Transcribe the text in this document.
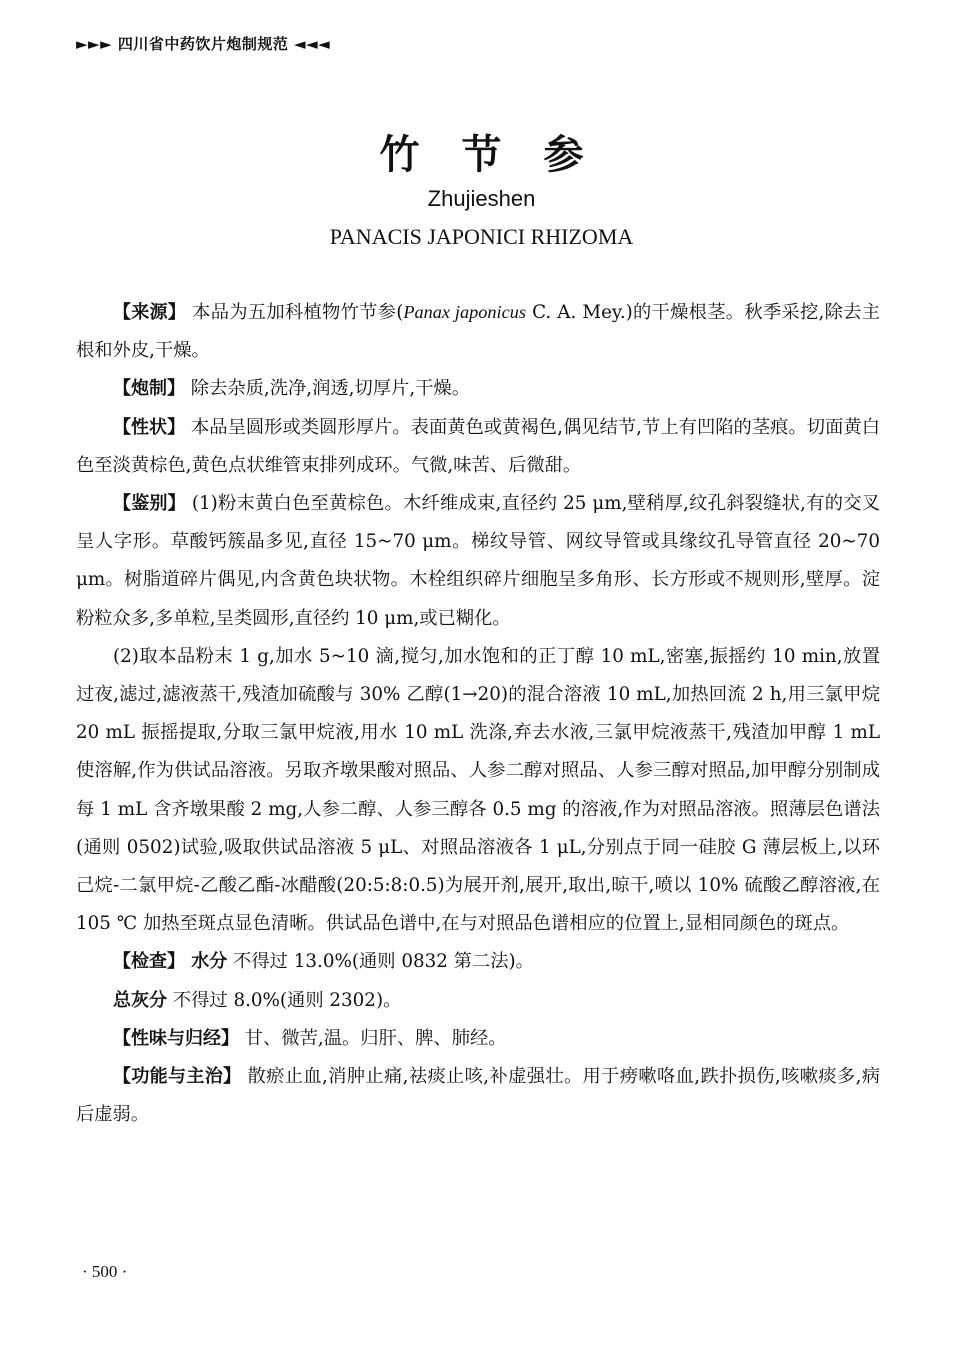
►►► 四川省中药饮片炮制规范 ◄◄◄
竹节参
Zhujieshen
PANACIS JAPONICI RHIZOMA

【来源】 本品为五加科植物竹节参(Panax japonicus C. A. Mey.)的干燥根茎。秋季采挖,除去主根和外皮,干燥。

【炮制】 除去杂质,洗净,润透,切厚片,干燥。

【性状】 本品呈圆形或类圆形厚片。表面黄色或黄褐色,偶见结节,节上有凹陷的茎痕。切面黄白色至淡黄棕色,黄色点状维管束排列成环。气微,味苦、后微甜。

【鉴别】 (1)粉末黄白色至黄棕色。木纤维成束,直径约 25 μm,壁稍厚,纹孔斜裂缝状,有的交叉呈人字形。草酸钙簇晶多见,直径 15~70 μm。梯纹导管、网纹导管或具缘纹孔导管直径 20~70 μm。树脂道碎片偶见,内含黄色块状物。木栓组织碎片细胞呈多角形、长方形或不规则形,壁厚。淀粉粒众多,多单粒,呈类圆形,直径约 10 μm,或已糊化。

(2)取本品粉末 1 g,加水 5~10 滴,搅匀,加水饱和的正丁醇 10 mL,密塞,振摇约 10 min,放置过夜,滤过,滤液蒸干,残渣加硫酸与 30% 乙醇(1→20)的混合溶液 10 mL,加热回流 2 h,用三氯甲烷 20 mL 振摇提取,分取三氯甲烷液,用水 10 mL 洗涤,弃去水液,三氯甲烷液蒸干,残渣加甲醇 1 mL 使溶解,作为供试品溶液。另取齐墩果酸对照品、人参二醇对照品、人参三醇对照品,加甲醇分别制成每 1 mL 含齐墩果酸 2 mg,人参二醇、人参三醇各 0.5 mg 的溶液,作为对照品溶液。照薄层色谱法(通则 0502)试验,吸取供试品溶液 5 μL、对照品溶液各 1 μL,分别点于同一硅胶 G 薄层板上,以环己烷-二氯甲烷-乙酸乙酯-冰醋酸(20:5:8:0.5)为展开剂,展开,取出,晾干,喷以 10% 硫酸乙醇溶液,在 105 ℃ 加热至斑点显色清晰。供试品色谱中,在与对照品色谱相应的位置上,显相同颜色的斑点。

【检查】 水分 不得过 13.0%(通则 0832 第二法)。

总灰分 不得过 8.0%(通则 2302)。

【性味与归经】 甘、微苦,温。归肝、脾、肺经。

【功能与主治】 散瘀止血,消肿止痛,祛痰止咳,补虚强壮。用于痨嗽咯血,跌扑损伤,咳嗽痰多,病后虚弱。

· 500 ·
